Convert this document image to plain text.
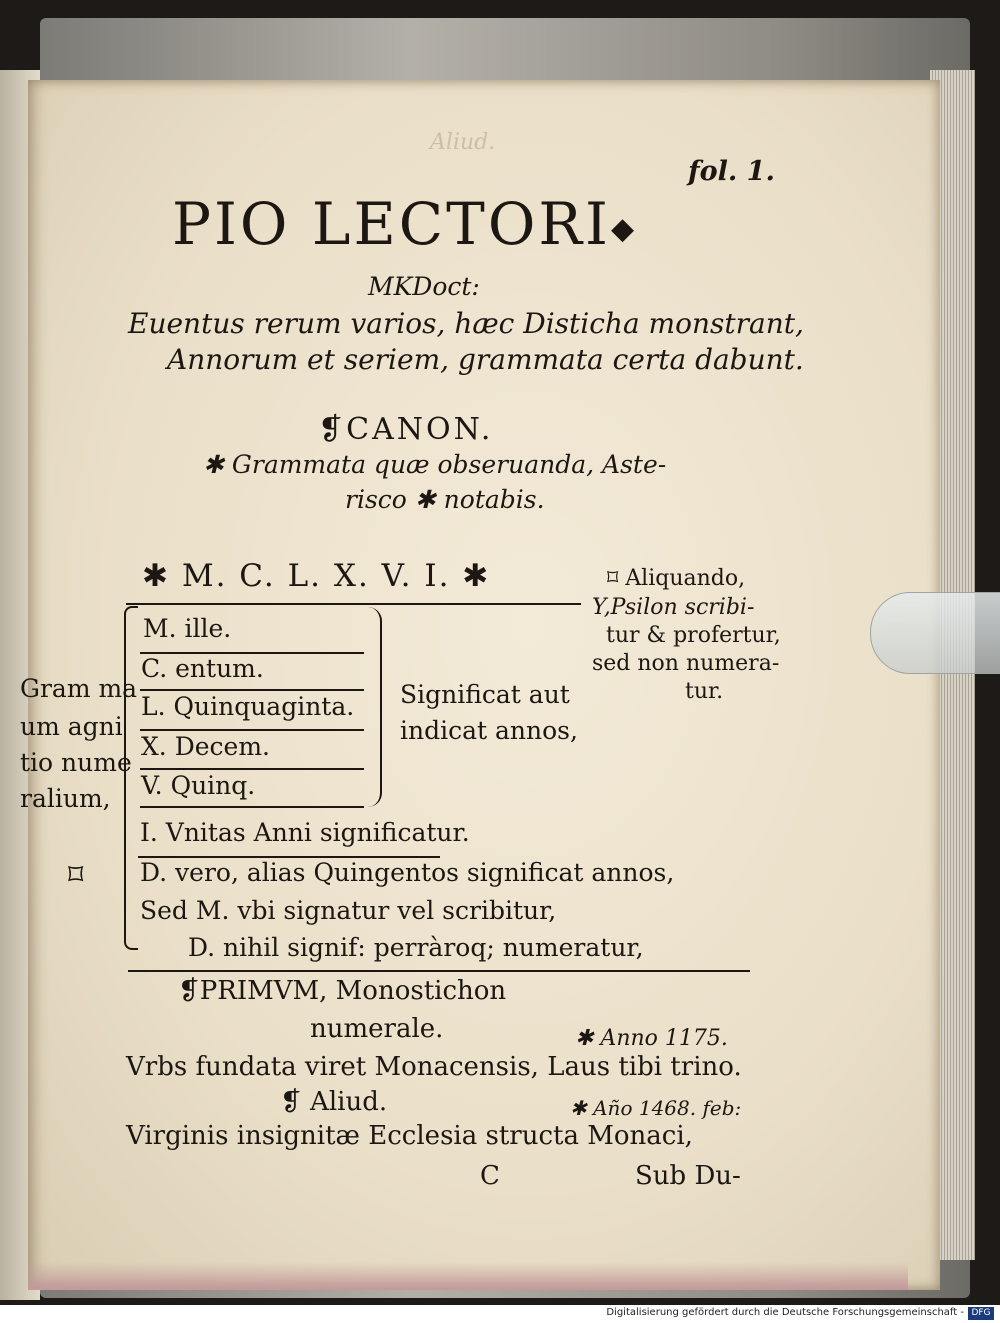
Aliud.
fol. 1.
PIO LECTORI◆
MKDoct:
Euentus rerum varios, hæc Disticha monstrant,
Annorum et seriem, grammata certa dabunt.
❡CANON.
✱ Grammata quæ obseruanda, Aste-
risco ✱ notabis.
✱ M. C. L. X. V. I. ✱	⌑ Aliquando,
Y,Psilon scribi-
tur & profertur,
sed non numera-
tur.
Gram ma
um agni
tio nume
ralium,
⌑
M. ille.
C. entum.
L. Quinquaginta.
X. Decem.
V. Quinq.
Significat aut
indicat annos,
I. Vnitas Anni significatur.
D. vero, alias Quingentos significat annos,
Sed M. vbi signatur vel scribitur,
D. nihil signif: perràroq; numeratur,
❡PRIMVM, Monostichon
numerale.	✱ Anno 1175.
Vrbs fundata viret Monacensis, Laus tibi trino.
❡ Aliud.	✱ Año 1468. feb:
Virginis insignitæ Ecclesia structa Monaci,
C	Sub Du-
Digitalisierung gefördert durch die Deutsche Forschungsgemeinschaft - DFG
